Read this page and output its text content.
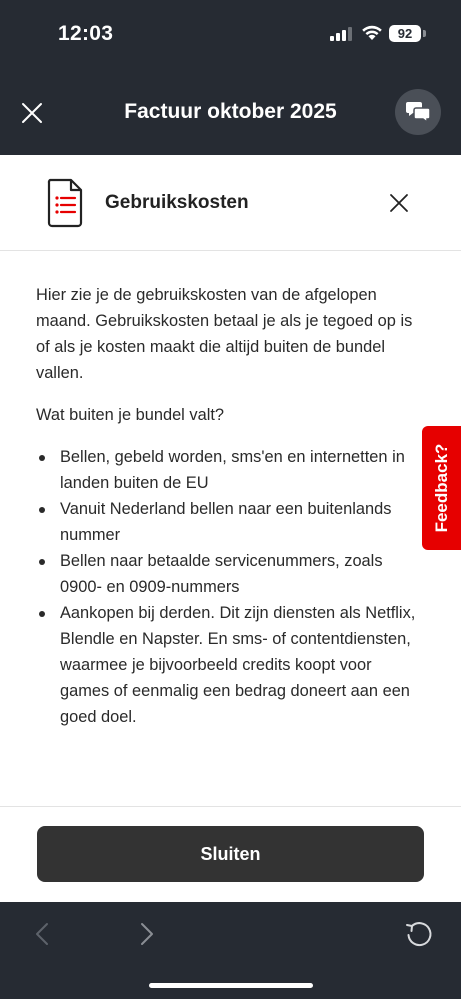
12:03	92
Factuur oktober 2025
Gebruikskosten

Hier zie je de gebruikskosten van de afgelopen maand. Gebruikskosten betaal je als je tegoed op is of als je kosten maakt die altijd buiten de bundel vallen.

Wat buiten je bundel valt?

Bellen, gebeld worden, sms'en en internetten in landen buiten de EU
Vanuit Nederland bellen naar een buitenlands nummer
Bellen naar betaalde servicenummers, zoals 0900- en 0909-nummers
Aankopen bij derden. Dit zijn diensten als Netflix, Blendle en Napster. En sms- of contentdiensten, waarmee je bijvoorbeeld credits koopt voor games of eenmalig een bedrag doneert aan een goed doel.
Sluiten
Feedback?
